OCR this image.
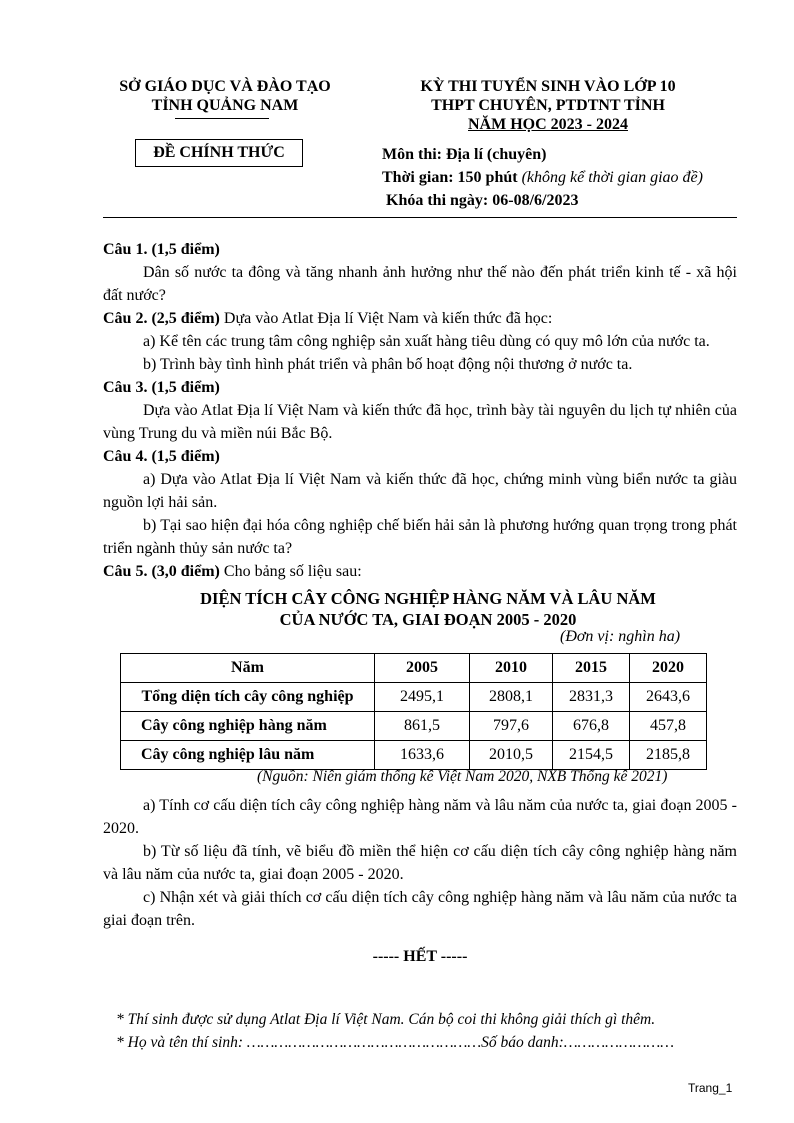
SỞ GIÁO DỤC VÀ ĐÀO TẠO
TỈNH QUẢNG NAM
ĐỀ CHÍNH THỨC
KỲ THI TUYỂN SINH VÀO LỚP 10
THPT CHUYÊN, PTDTNT TỈNH
NĂM HỌC 2023 - 2024
Môn thi: Địa lí (chuyên)
Thời gian: 150 phút (không kể thời gian giao đề)
Khóa thi ngày: 06-08/6/2023

Câu 1. (1,5 điểm)

Dân số nước ta đông và tăng nhanh ảnh hưởng như thế nào đến phát triển kinh tế - xã hội đất nước?

Câu 2. (2,5 điểm) Dựa vào Atlat Địa lí Việt Nam và kiến thức đã học:

a) Kể tên các trung tâm công nghiệp sản xuất hàng tiêu dùng có quy mô lớn của nước ta.

b) Trình bày tình hình phát triển và phân bố hoạt động nội thương ở nước ta.

Câu 3. (1,5 điểm)

Dựa vào Atlat Địa lí Việt Nam và kiến thức đã học, trình bày tài nguyên du lịch tự nhiên của vùng Trung du và miền núi Bắc Bộ.

Câu 4. (1,5 điểm)

a) Dựa vào Atlat Địa lí Việt Nam và kiến thức đã học, chứng minh vùng biển nước ta giàu nguồn lợi hải sản.

b) Tại sao hiện đại hóa công nghiệp chế biến hải sản là phương hướng quan trọng trong phát triển ngành thủy sản nước ta?

Câu 5. (3,0 điểm) Cho bảng số liệu sau:

DIỆN TÍCH CÂY CÔNG NGHIỆP HÀNG NĂM VÀ LÂU NĂM
CỦA NƯỚC TA, GIAI ĐOẠN 2005 - 2020
(Đơn vị: nghìn ha)
Năm	2005	2010	2015	2020
Tổng diện tích cây công nghiệp	2495,1	2808,1	2831,3	2643,6
Cây công nghiệp hàng năm	861,5	797,6	676,8	457,8
Cây công nghiệp lâu năm	1633,6	2010,5	2154,5	2185,8
(Nguồn: Niên giám thống kê Việt Nam 2020, NXB Thống kê 2021)

a) Tính cơ cấu diện tích cây công nghiệp hàng năm và lâu năm của nước ta, giai đoạn 2005 - 2020.

b) Từ số liệu đã tính, vẽ biểu đồ miền thể hiện cơ cấu diện tích cây công nghiệp hàng năm và lâu năm của nước ta, giai đoạn 2005 - 2020.

c) Nhận xét và giải thích cơ cấu diện tích cây công nghiệp hàng năm và lâu năm của nước ta giai đoạn trên.

----- HẾT -----
* Thí sinh được sử dụng Atlat Địa lí Việt Nam. Cán bộ coi thi không giải thích gì thêm.
* Họ và tên thí sinh: ……………………………………………Số báo danh:……………………
Trang_1
